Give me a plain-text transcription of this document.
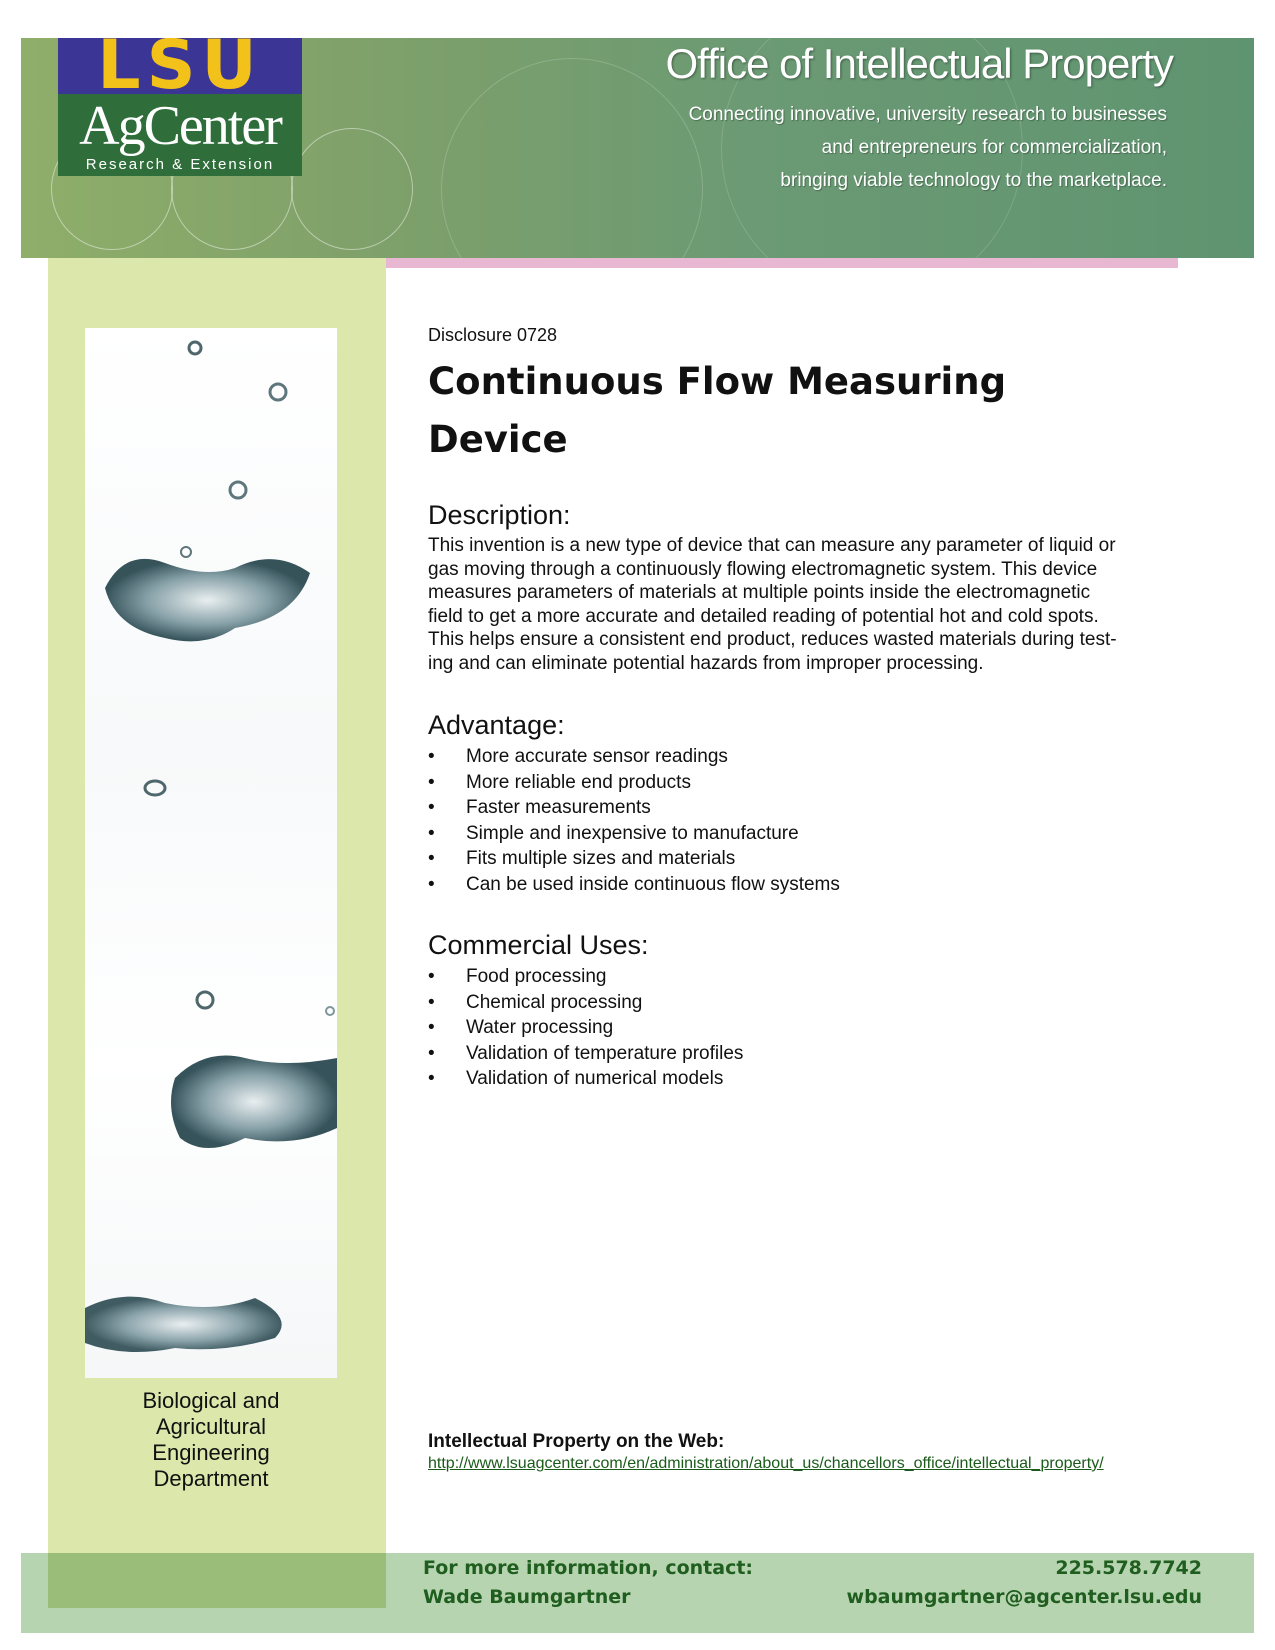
LSU
AgCenter
Research & Extension
Office of Intellectual Property
Connecting innovative, university research to businesses
and entrepreneurs for commercialization,
bringing viable technology to the marketplace.
Biological and
Agricultural
Engineering
Department
Disclosure 0728
Continuous Flow Measuring
Device
Description:
This invention is a new type of device that can measure any parameter of liquid or
gas moving through a continuously flowing electromagnetic system. This device
measures parameters of materials at multiple points inside the electromagnetic
field to get a more accurate and detailed reading of potential hot and cold spots.
This helps ensure a consistent end product, reduces wasted materials during test-
ing and can eliminate potential hazards from improper processing.
Advantage:
• More accurate sensor readings
• More reliable end products
• Faster measurements
• Simple and inexpensive to manufacture
• Fits multiple sizes and materials
• Can be used inside continuous flow systems
Commercial Uses:
• Food processing
• Chemical processing
• Water processing
• Validation of temperature profiles
• Validation of numerical models
Intellectual Property on the Web:
http://www.lsuagcenter.com/en/administration/about_us/chancellors_office/intellectual_property/
For more information, contact:
Wade Baumgartner
225.578.7742
wbaumgartner@agcenter.lsu.edu
